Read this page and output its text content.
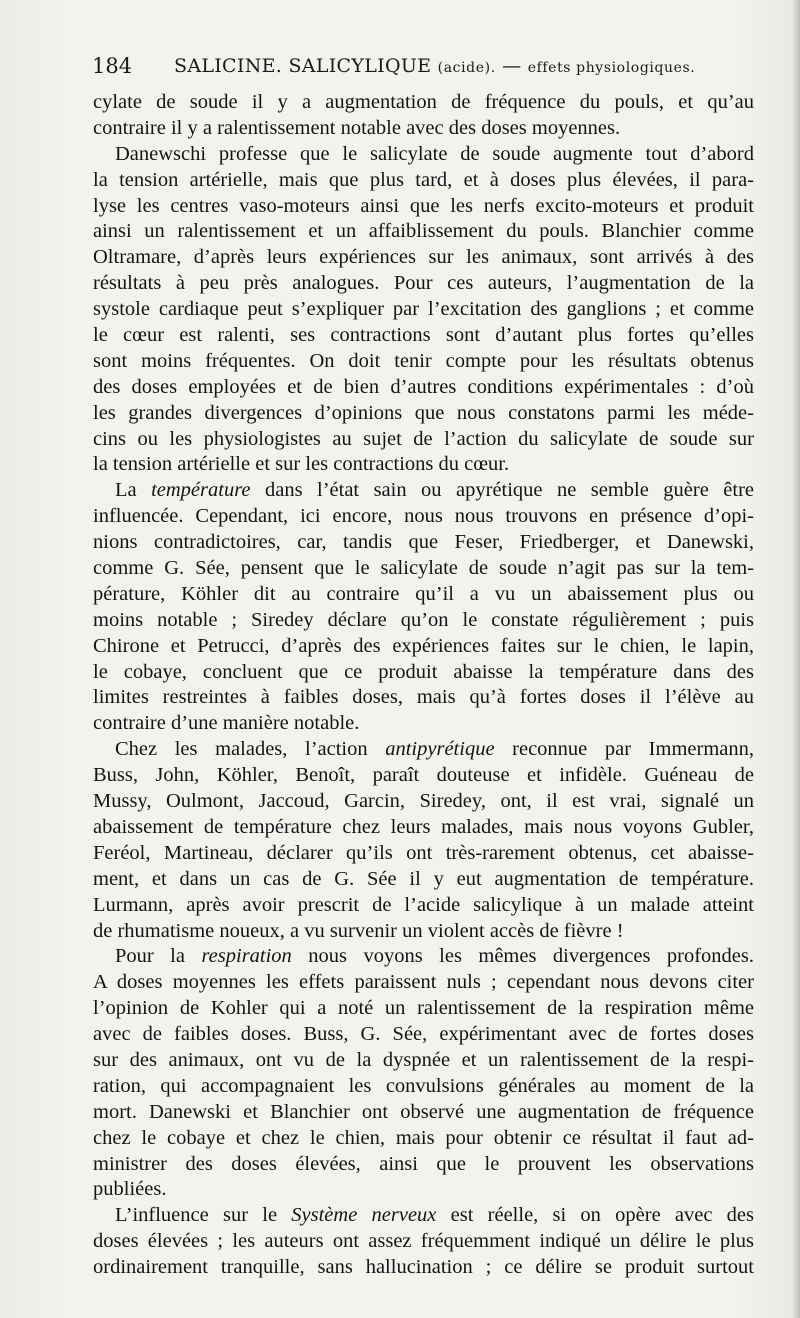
184 SALICINE. SALICYLIQUE (acide). — effets physiologiques.
cylate de soude il y a augmentation de fréquence du pouls, et qu’au
contraire il y a ralentissement notable avec des doses moyennes.
Danewschi professe que le salicylate de soude augmente tout d’abord
la tension artérielle, mais que plus tard, et à doses plus élevées, il para-
lyse les centres vaso-moteurs ainsi que les nerfs excito-moteurs et produit
ainsi un ralentissement et un affaiblissement du pouls. Blanchier comme
Oltramare, d’après leurs expériences sur les animaux, sont arrivés à des
résultats à peu près analogues. Pour ces auteurs, l’augmentation de la
systole cardiaque peut s’expliquer par l’excitation des ganglions ; et comme
le cœur est ralenti, ses contractions sont d’autant plus fortes qu’elles
sont moins fréquentes. On doit tenir compte pour les résultats obtenus
des doses employées et de bien d’autres conditions expérimentales : d’où
les grandes divergences d’opinions que nous constatons parmi les méde-
cins ou les physiologistes au sujet de l’action du salicylate de soude sur
la tension artérielle et sur les contractions du cœur.
La température dans l’état sain ou apyrétique ne semble guère être
influencée. Cependant, ici encore, nous nous trouvons en présence d’opi-
nions contradictoires, car, tandis que Feser, Friedberger, et Danewski,
comme G. Sée, pensent que le salicylate de soude n’agit pas sur la tem-
pérature, Köhler dit au contraire qu’il a vu un abaissement plus ou
moins notable ; Siredey déclare qu’on le constate régulièrement ; puis
Chirone et Petrucci, d’après des expériences faites sur le chien, le lapin,
le cobaye, concluent que ce produit abaisse la température dans des
limites restreintes à faibles doses, mais qu’à fortes doses il l’élève au
contraire d’une manière notable.
Chez les malades, l’action antipyrétique reconnue par Immermann,
Buss, John, Köhler, Benoît, paraît douteuse et infidèle. Guéneau de
Mussy, Oulmont, Jaccoud, Garcin, Siredey, ont, il est vrai, signalé un
abaissement de température chez leurs malades, mais nous voyons Gubler,
Feréol, Martineau, déclarer qu’ils ont très-rarement obtenus, cet abaisse-
ment, et dans un cas de G. Sée il y eut augmentation de température.
Lurmann, après avoir prescrit de l’acide salicylique à un malade atteint
de rhumatisme noueux, a vu survenir un violent accès de fièvre !
Pour la respiration nous voyons les mêmes divergences profondes.
A doses moyennes les effets paraissent nuls ; cependant nous devons citer
l’opinion de Kohler qui a noté un ralentissement de la respiration même
avec de faibles doses. Buss, G. Sée, expérimentant avec de fortes doses
sur des animaux, ont vu de la dyspnée et un ralentissement de la respi-
ration, qui accompagnaient les convulsions générales au moment de la
mort. Danewski et Blanchier ont observé une augmentation de fréquence
chez le cobaye et chez le chien, mais pour obtenir ce résultat il faut ad-
ministrer des doses élevées, ainsi que le prouvent les observations
publiées.
L’influence sur le Système nerveux est réelle, si on opère avec des
doses élevées ; les auteurs ont assez fréquemment indiqué un délire le plus
ordinairement tranquille, sans hallucination ; ce délire se produit surtout
